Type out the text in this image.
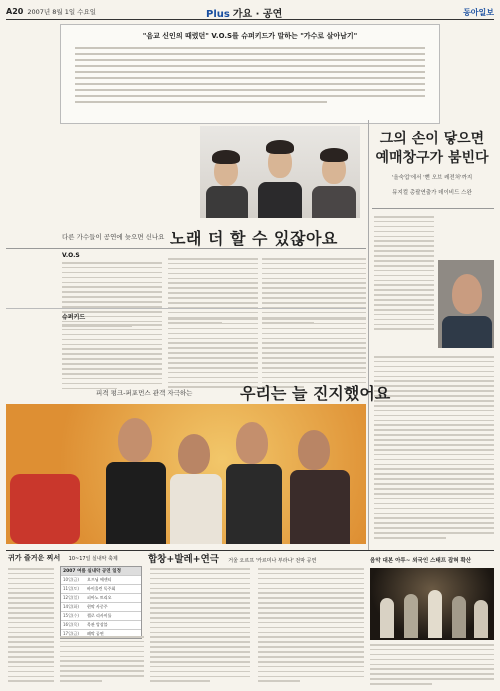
A20 2007년 8월 1일 수요일	Plus 가요 · 공연	동아일보
"음교 신인의 때렸던" V.O.S를 슈퍼키드가 말하는 "가수로 살아남기"
다른 가수들이 공연에 늦으면 신나요 노래 더 할 수 있잖아요
V.O.S
슈퍼키드
그의 손이 닿으면
예매창구가 붐빈다
'올숙업'에서 '뻔 오브 레전처'까지
뮤지컬 총괄연출가 데이비드 스완
피격 펑크-퍼포먼스 관객 자극하는	우리는 늘 진지했어요
귀가 즐거운 찌서 10~17일 실내악 축제	합창+발레+연극 거울 오르프 '카르미나 부라나' 전막 공연	음악 대본 아투~ 외국인 스태프 잡혀 확산
2007 여름 실내악 공연 일정
10일(금)	오프닝 에센티
11일(토)	바이올린 독주회
12일(일)	피아노 트리오
14일(화)	현악 사중주
15일(수)	첼로 리사이틀
16일(목)	목관 앙상블
17일(금)	폐막 공연
